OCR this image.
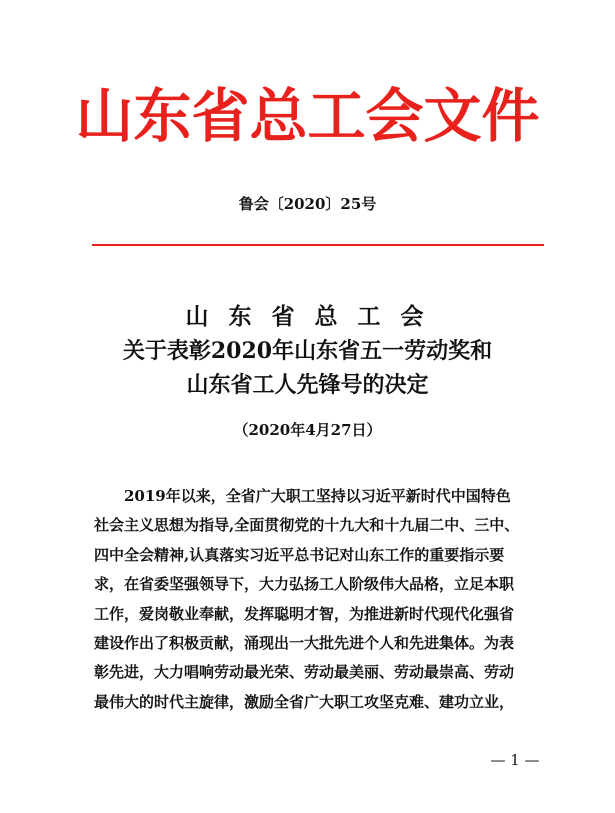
山东省总工会文件
鲁会〔2020〕25号
山 东 省 总 工 会
关于表彰2020年山东省五一劳动奖和
山东省工人先锋号的决定
（2020年4月27日）
　　2019年以来，全省广大职工坚持以习近平新时代中国特色
社会主义思想为指导,全面贯彻党的十九大和十九届二中、三中、
四中全会精神,认真落实习近平总书记对山东工作的重要指示要
求，在省委坚强领导下，大力弘扬工人阶级伟大品格，立足本职
工作，爱岗敬业奉献，发挥聪明才智，为推进新时代现代化强省
建设作出了积极贡献，涌现出一大批先进个人和先进集体。为表
彰先进，大力唱响劳动最光荣、劳动最美丽、劳动最崇高、劳动
最伟大的时代主旋律，激励全省广大职工攻坚克难、建功立业，
— 1 —
